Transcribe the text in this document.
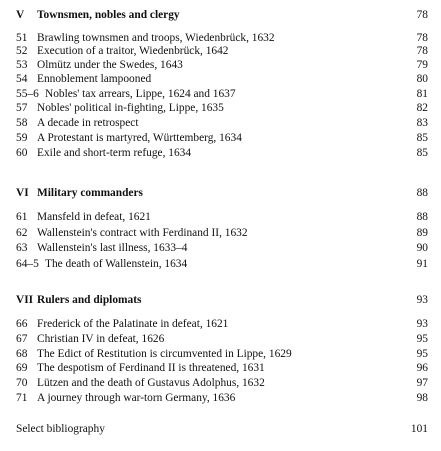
V Townsmen, nobles and clergy	78
51 Brawling townsmen and troops, Wiedenbrück, 1632	78
52 Execution of a traitor, Wiedenbrück, 1642	78
53 Olmütz under the Swedes, 1643	79
54 Ennoblement lampooned	80
55–6 Nobles' tax arrears, Lippe, 1624 and 1637	81
57 Nobles' political in-fighting, Lippe, 1635	82
58 A decade in retrospect	83
59 A Protestant is martyred, Württemberg, 1634	85
60 Exile and short-term refuge, 1634	85
VI Military commanders	88
61 Mansfeld in defeat, 1621	88
62 Wallenstein's contract with Ferdinand II, 1632	89
63 Wallenstein's last illness, 1633–4	90
64–5 The death of Wallenstein, 1634	91
VII Rulers and diplomats	93
66 Frederick of the Palatinate in defeat, 1621	93
67 Christian IV in defeat, 1626	95
68 The Edict of Restitution is circumvented in Lippe, 1629	95
69 The despotism of Ferdinand II is threatened, 1631	96
70 Lützen and the death of Gustavus Adolphus, 1632	97
71 A journey through war-torn Germany, 1636	98
Select bibliography	101
